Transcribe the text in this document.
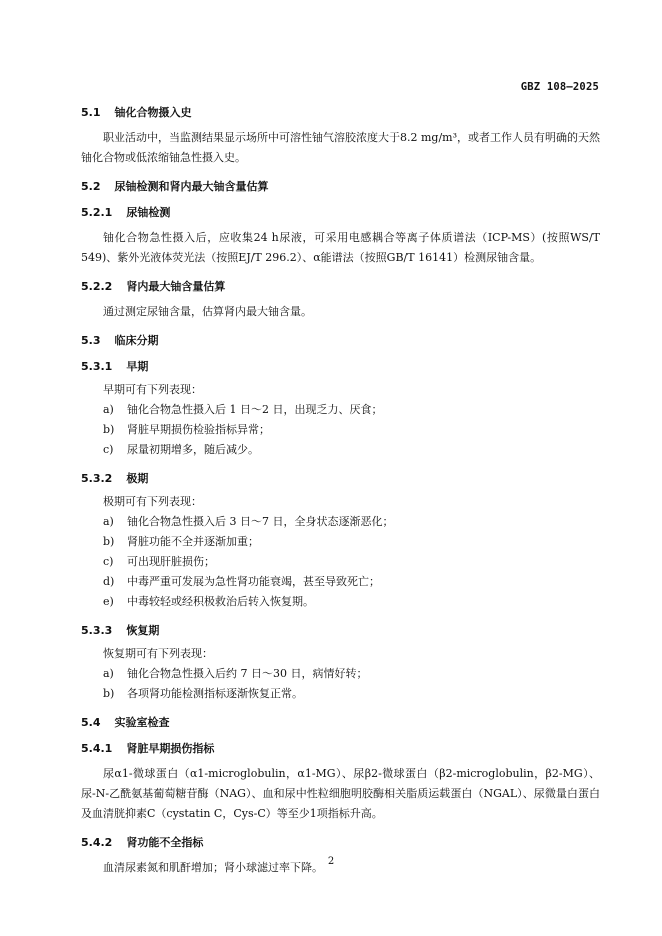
GBZ 108—2025
5.1 铀化合物摄入史
职业活动中，当监测结果显示场所中可溶性铀气溶胶浓度大于8.2 mg/m³，或者工作人员有明确的天然铀化合物或低浓缩铀急性摄入史。
5.2 尿铀检测和肾内最大铀含量估算
5.2.1 尿铀检测
铀化合物急性摄入后，应收集24 h尿液，可采用电感耦合等离子体质谱法（ICP-MS）(按照WS/T 549)、紫外光液体荧光法（按照EJ/T 296.2）、α能谱法（按照GB/T 16141）检测尿铀含量。
5.2.2 肾内最大铀含量估算
通过测定尿铀含量，估算肾内最大铀含量。
5.3 临床分期
5.3.1 早期
早期可有下列表现：
a) 铀化合物急性摄入后 1 日～2 日，出现乏力、厌食；
b) 肾脏早期损伤检验指标异常；
c) 尿量初期增多，随后减少。
5.3.2 极期
极期可有下列表现：
a) 铀化合物急性摄入后 3 日～7 日，全身状态逐渐恶化；
b) 肾脏功能不全并逐渐加重；
c) 可出现肝脏损伤；
d) 中毒严重可发展为急性肾功能衰竭，甚至导致死亡；
e) 中毒较轻或经积极救治后转入恢复期。
5.3.3 恢复期
恢复期可有下列表现：
a) 铀化合物急性摄入后约 7 日～30 日，病情好转；
b) 各项肾功能检测指标逐渐恢复正常。
5.4 实验室检查
5.4.1 肾脏早期损伤指标
尿α1-微球蛋白（α1-microglobulin，α1-MG）、尿β2-微球蛋白（β2-microglobulin，β2-MG）、尿-N-乙酰氨基葡萄糖苷酶（NAG）、血和尿中性粒细胞明胶酶相关脂质运载蛋白（NGAL）、尿微量白蛋白及血清胱抑素C（cystatin C，Cys-C）等至少1项指标升高。
5.4.2 肾功能不全指标
血清尿素氮和肌酐增加；肾小球滤过率下降。 2
